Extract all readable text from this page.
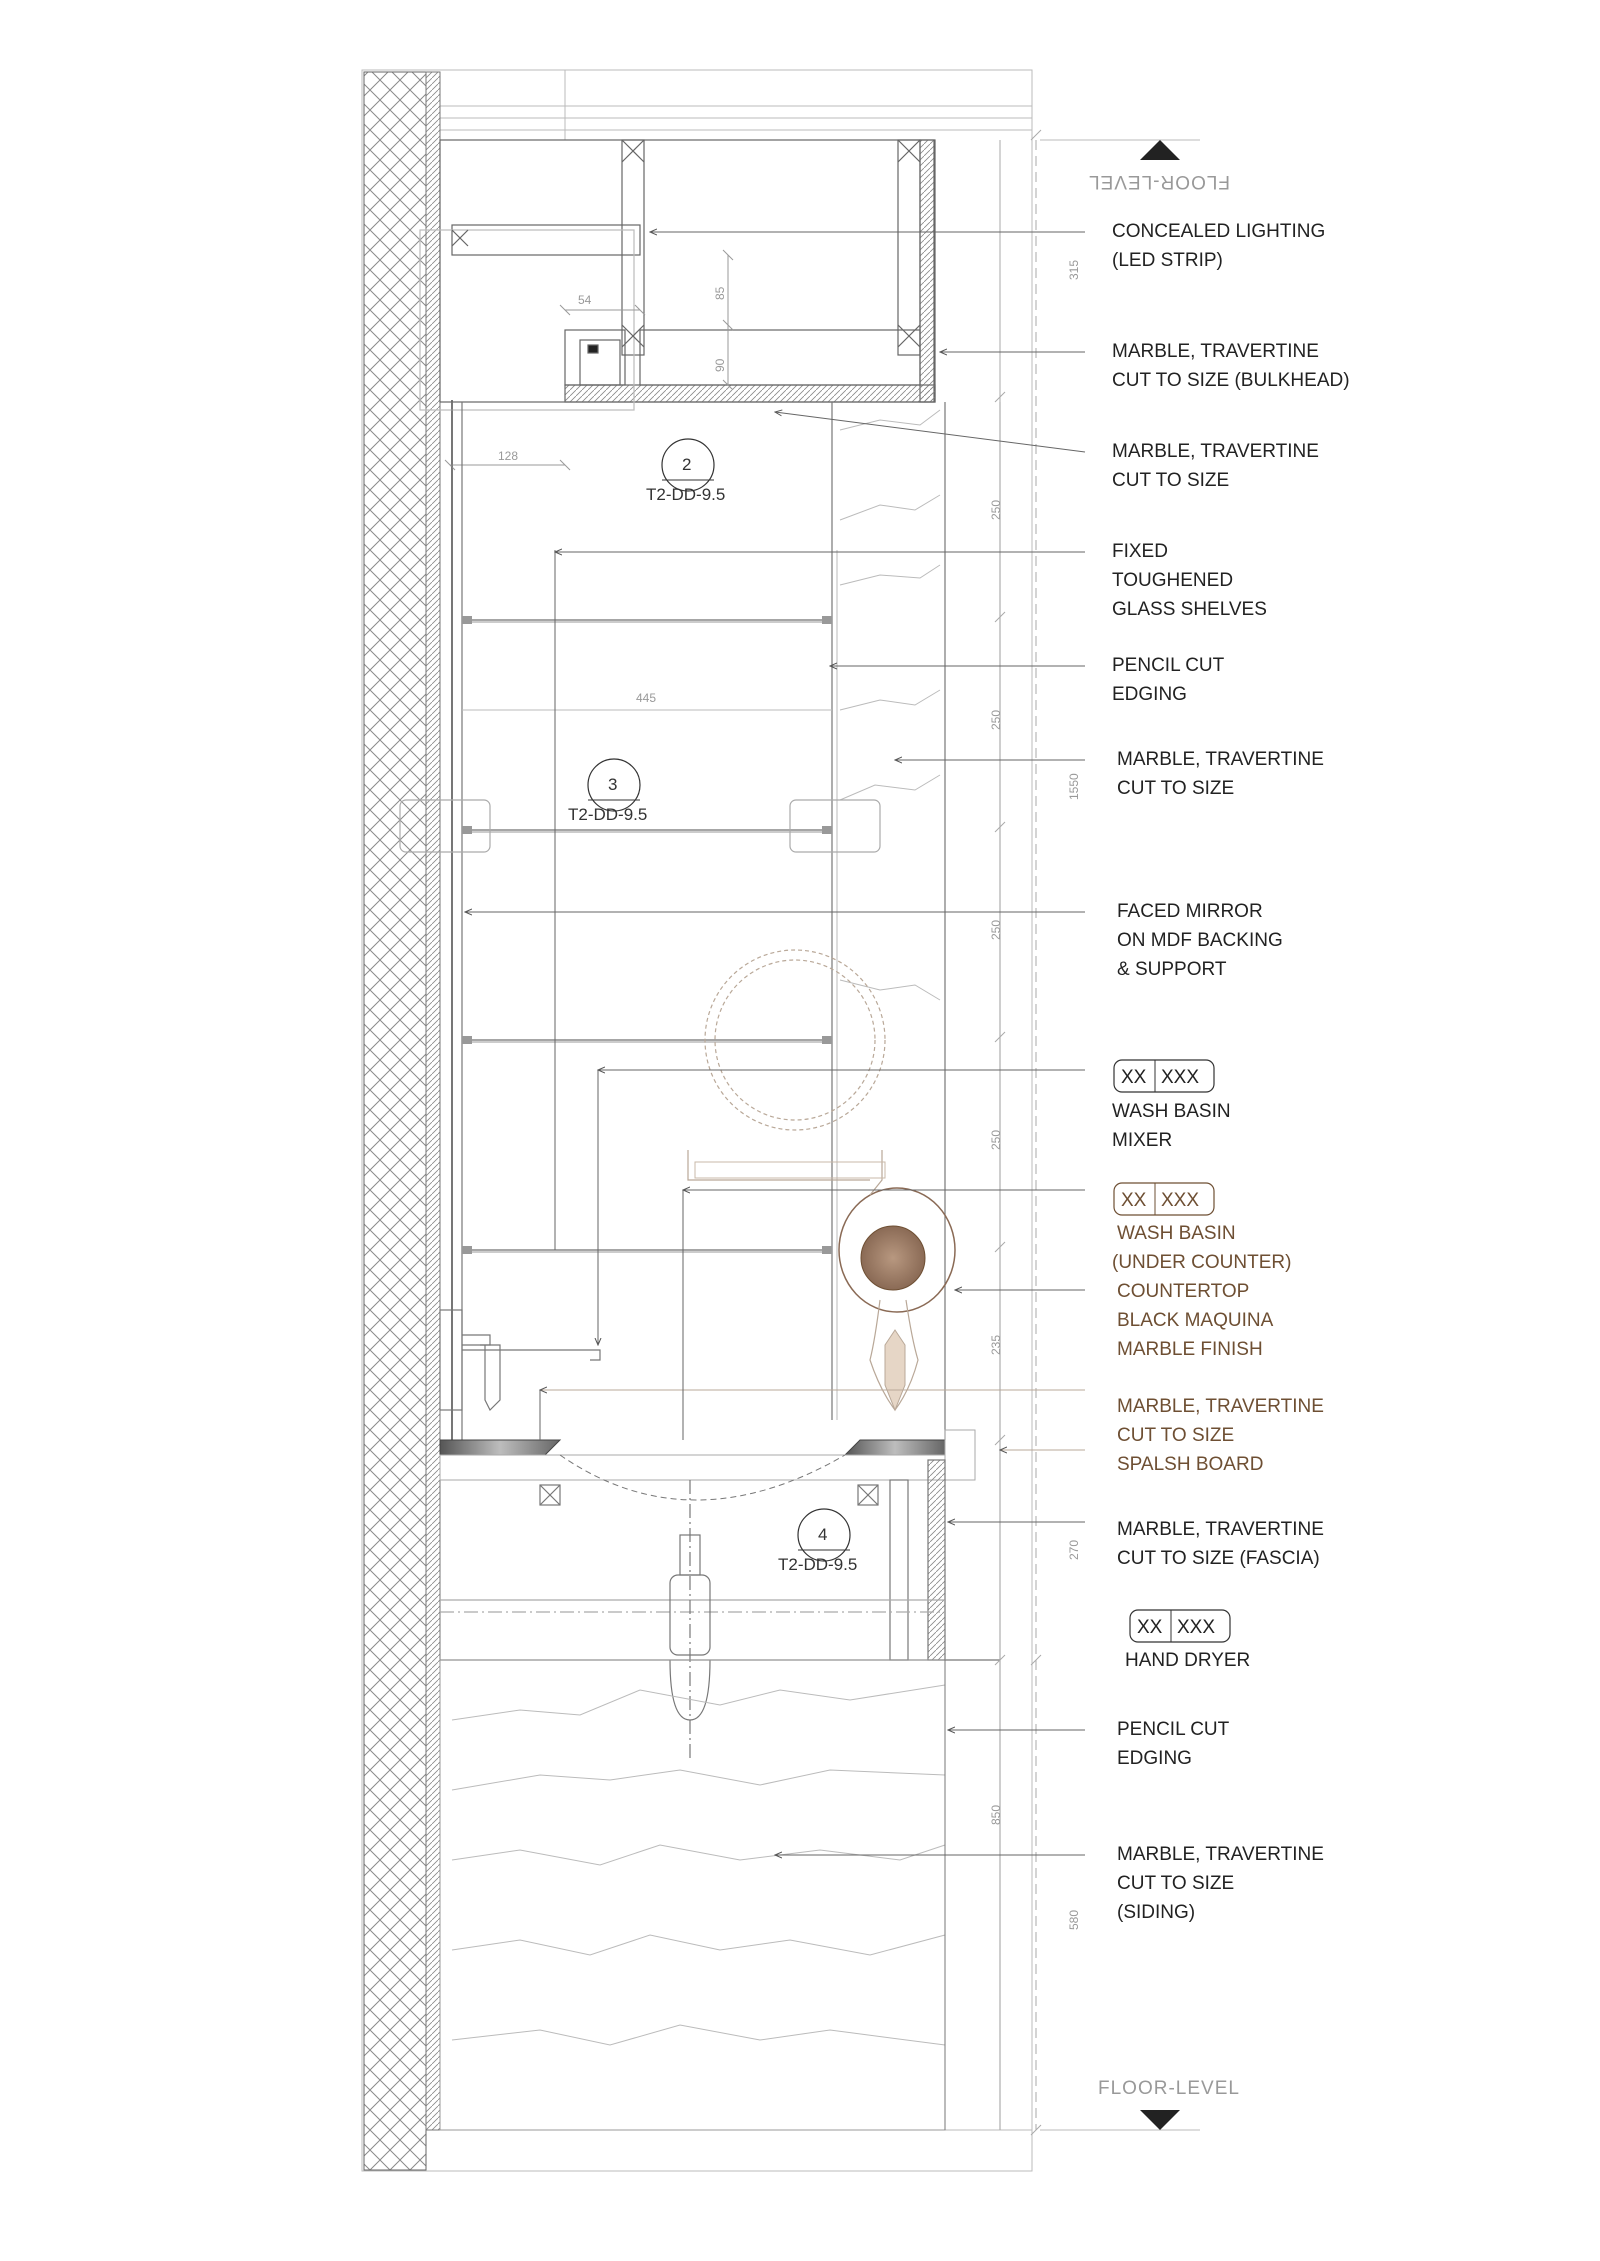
54	85
90
128
445
315
250
250
250
250
235
270
850
580
1550
FLOOR-LEVEL
FLOOR-LEVEL
2
T2-DD-9.5
3
T2-DD-9.5
4
T2-DD-9.5
CONCEALED LIGHTING
(LED STRIP)
MARBLE, TRAVERTINE
CUT TO SIZE (BULKHEAD)
MARBLE, TRAVERTINE
CUT TO SIZE
FIXED
TOUGHENED
GLASS SHELVES
PENCIL CUT
EDGING
MARBLE, TRAVERTINE
CUT TO SIZE
FACED MIRROR
ON MDF BACKING
& SUPPORT
XX XXX
WASH BASIN
MIXER
XX XXX
WASH BASIN
(UNDER COUNTER)
COUNTERTOP
BLACK MAQUINA
MARBLE FINISH
MARBLE, TRAVERTINE
CUT TO SIZE
SPALSH BOARD
MARBLE, TRAVERTINE
CUT TO SIZE (FASCIA)
XX XXX
HAND DRYER
PENCIL CUT
EDGING
MARBLE, TRAVERTINE
CUT TO SIZE
(SIDING)
